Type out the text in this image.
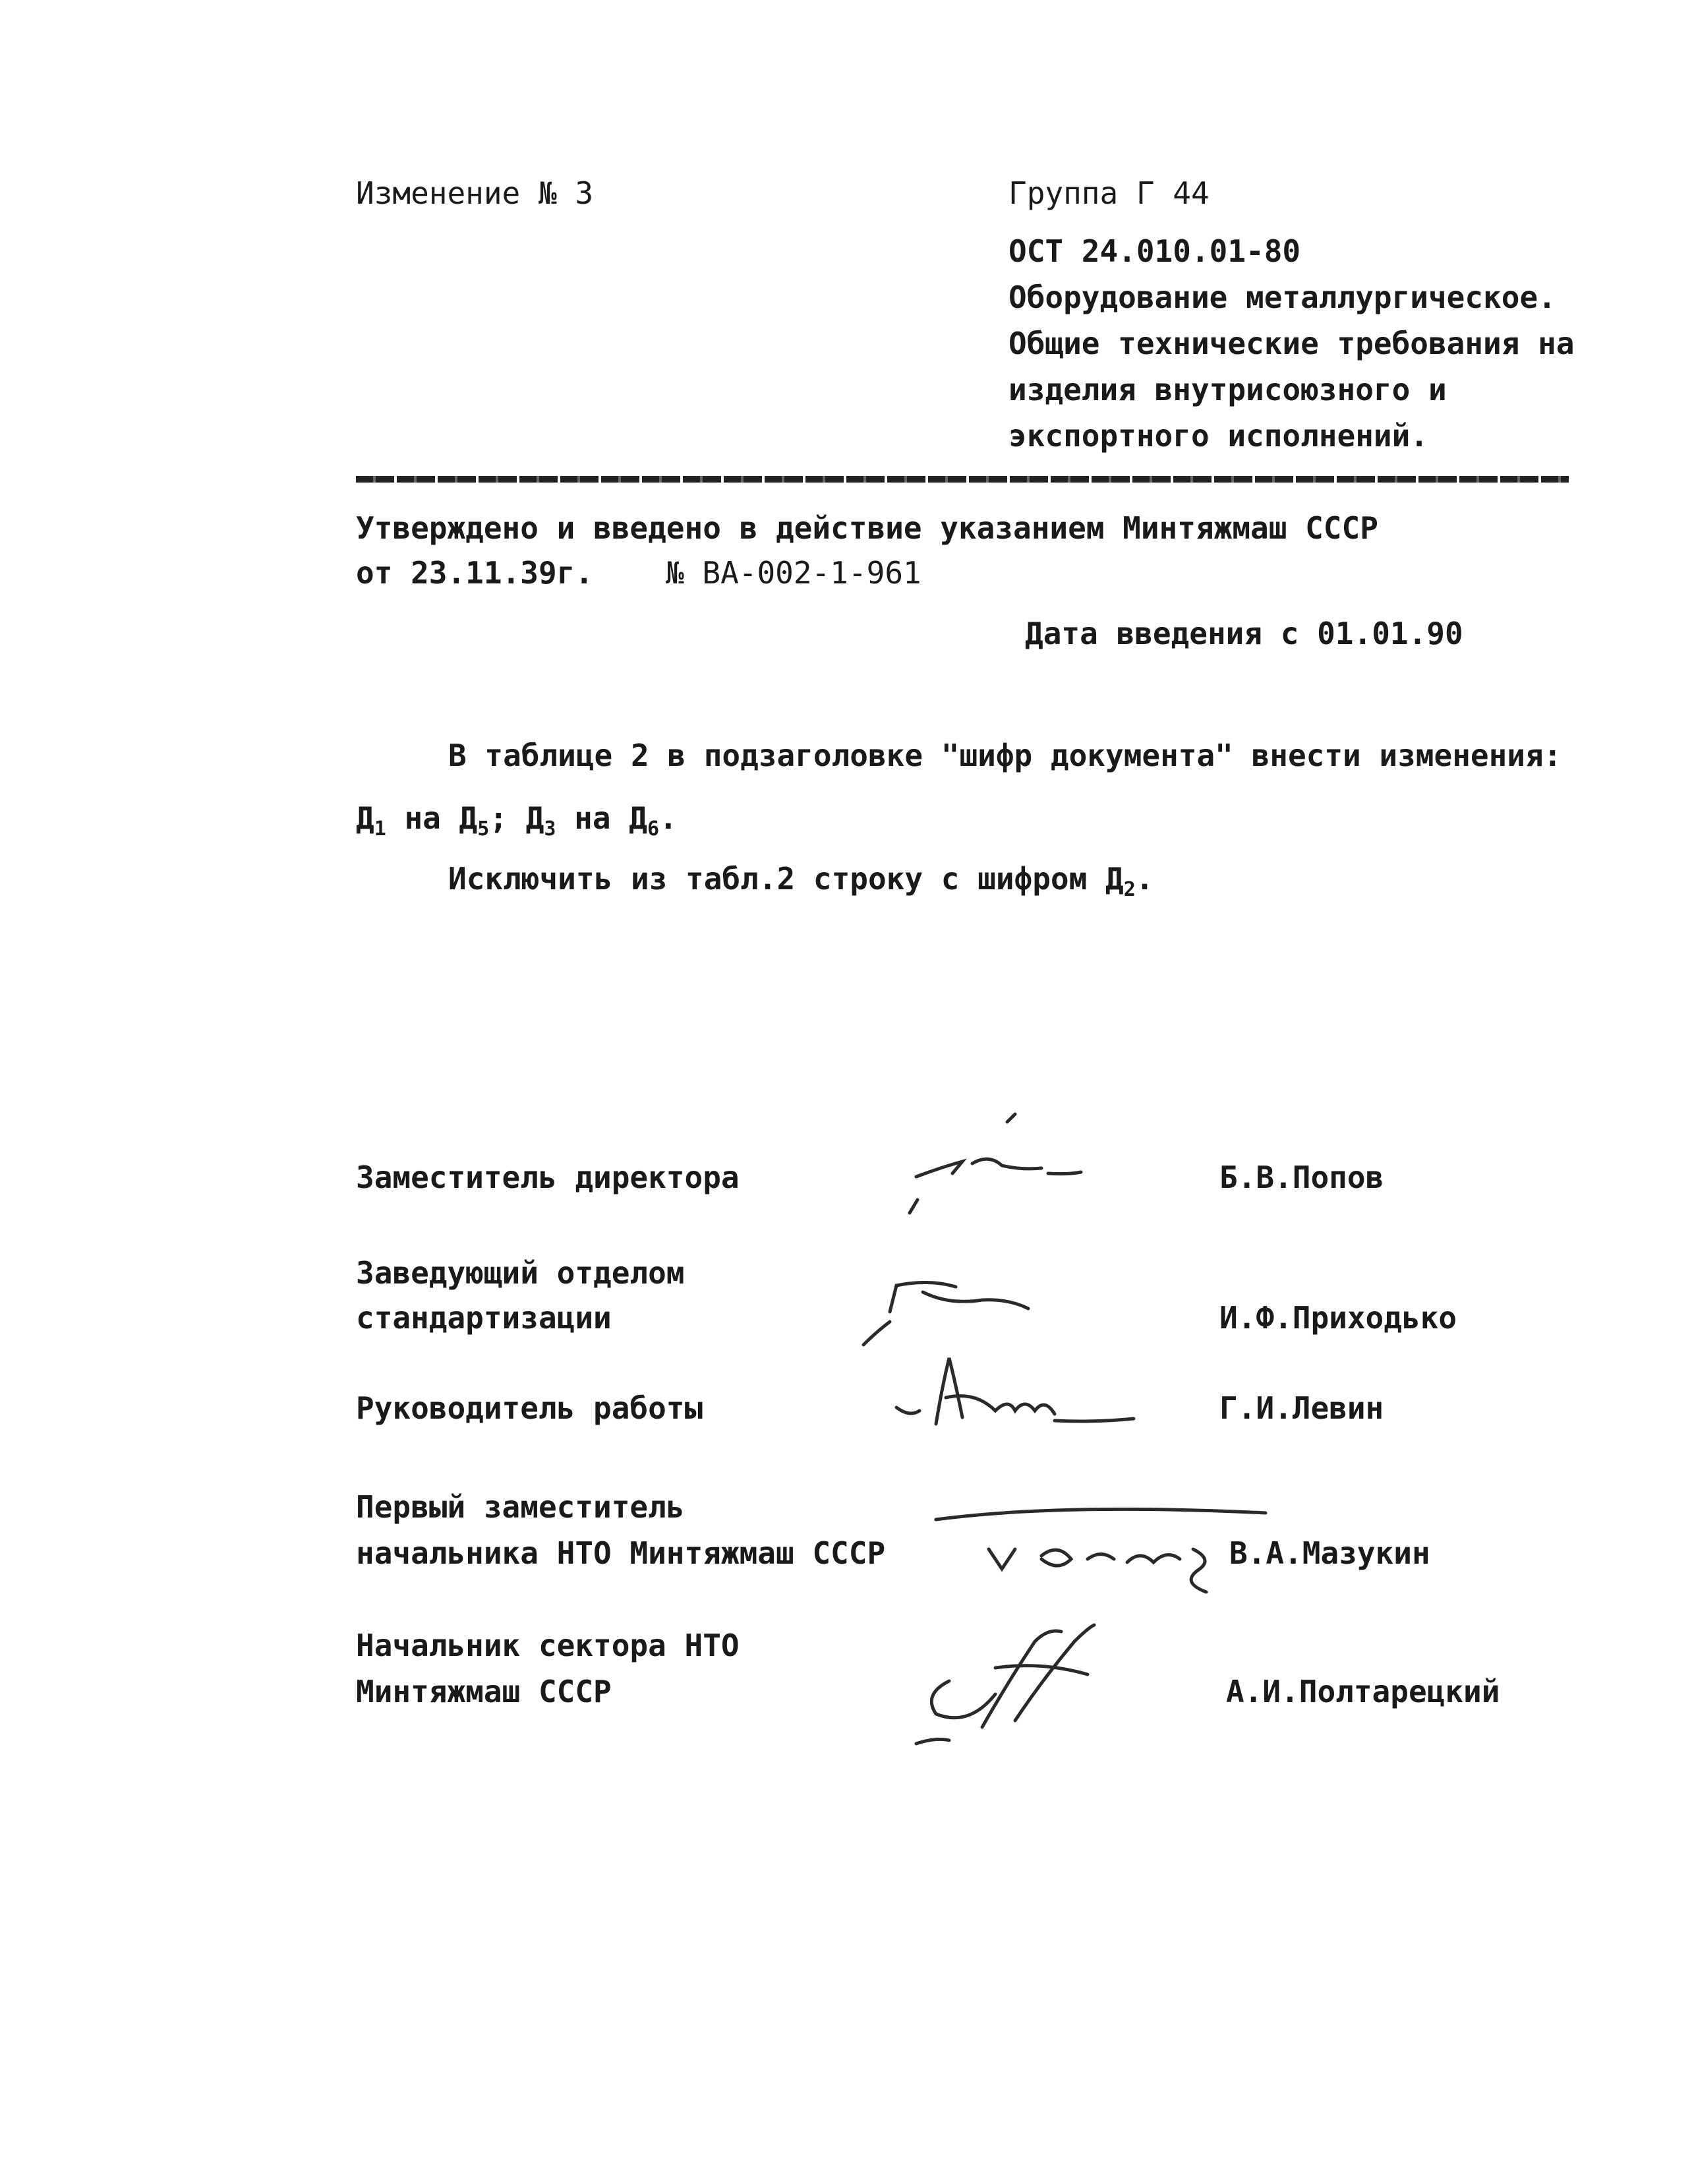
Изменение № 3	Группа Г 44
ОСТ 24.010.01-80
Оборудование металлургическое.
Общие технические требования на
изделия внутрисоюзного и
экспортного исполнений.
Утверждено и введено в действие указанием Минтяжмаш СССР
от 23.11.39г. № ВА-002-1-961
Дата введения с 01.01.90
В таблице 2 в подзаголовке "шифр документа" внести изменения:
$Д_1$ на $Д_5$; $Д_3$ на $Д_6$.
Исключить из табл.2 строку с шифром $Д_2$.
Заместитель директора	Б.В.Попов
Заведующий отделом
стандартизации	И.Ф.Приходько
Руководитель работы	Г.И.Левин
Первый заместитель
начальника НТО Минтяжмаш СССР	В.А.Мазукин
Начальник сектора НТО
Минтяжмаш СССР	А.И.Полтарецкий
